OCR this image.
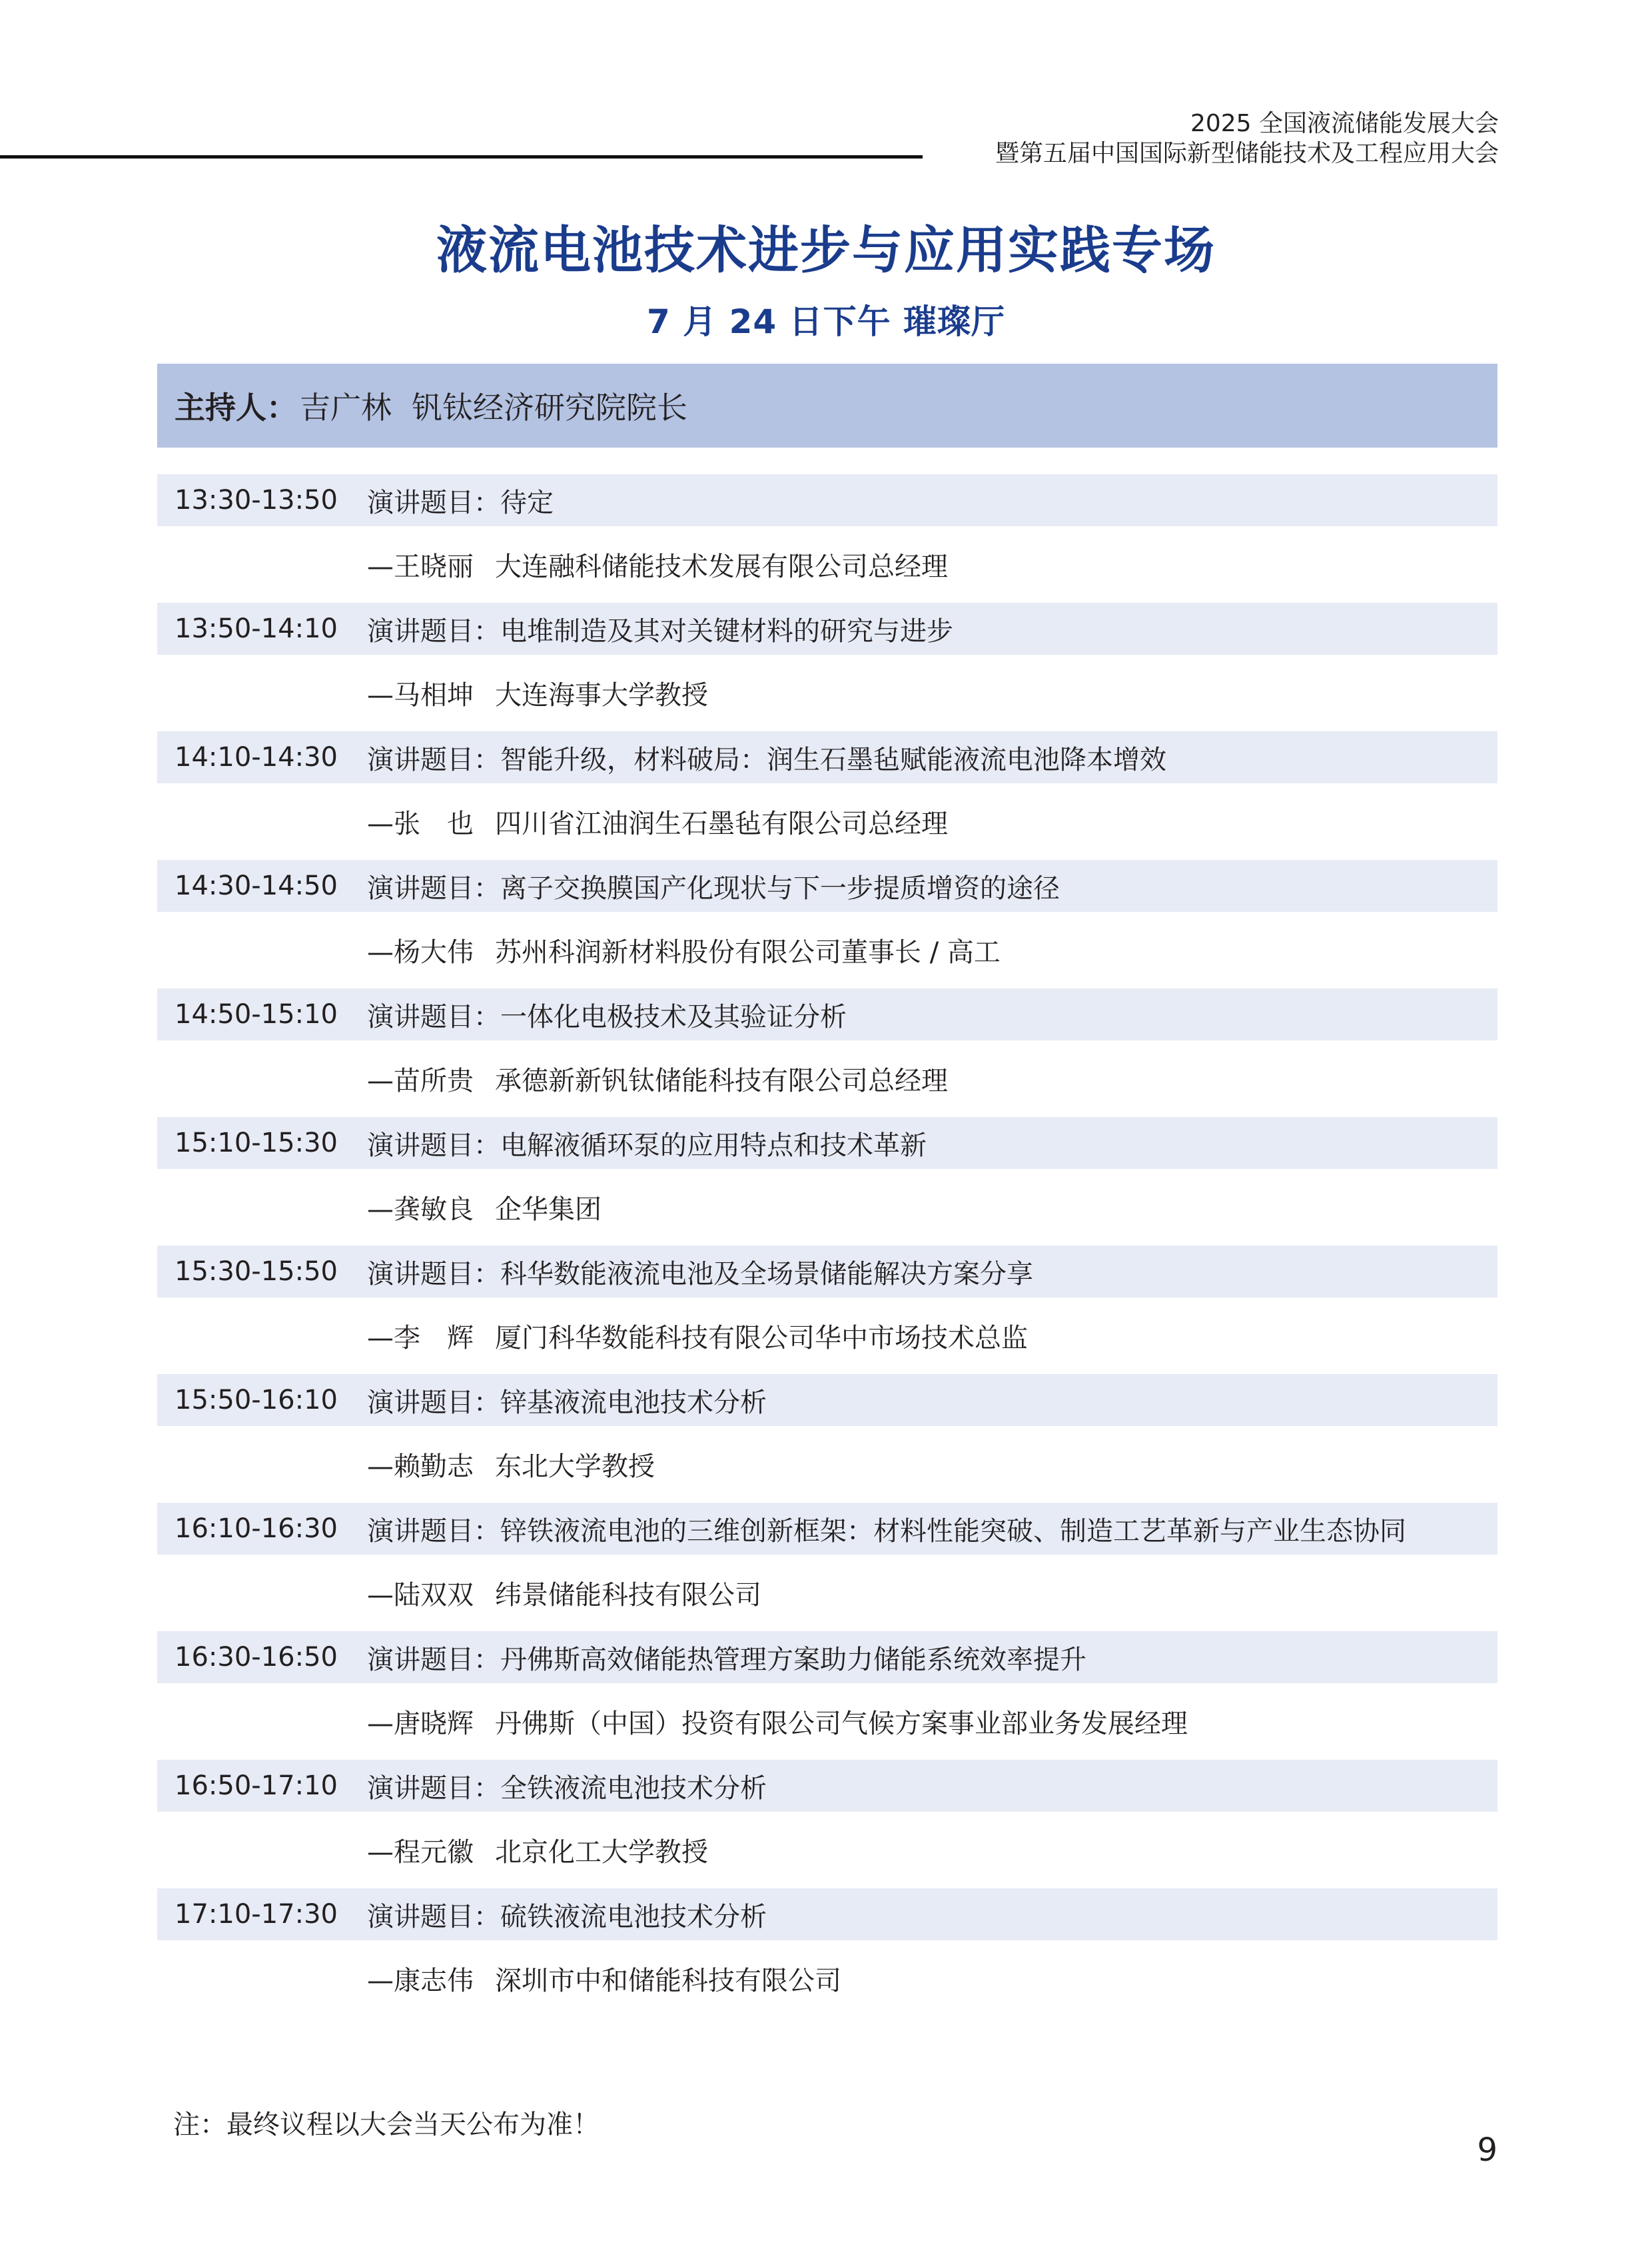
2025 全国液流储能发展大会
暨第五届中国国际新型储能技术及工程应用大会
液流电池技术进步与应用实践专场
7 月 24 日下午 璀璨厅
主持人： 吉广林 钒钛经济研究院院长
13:30-13:50	演讲题目： 待定
—王晓丽 大连融科储能技术发展有限公司总经理
13:50-14:10	演讲题目： 电堆制造及其对关键材料的研究与进步
—马相坤 大连海事大学教授
14:10-14:30	演讲题目： 智能升级，材料破局：润生石墨毡赋能液流电池降本增效
—张　也 四川省江油润生石墨毡有限公司总经理
14:30-14:50	演讲题目： 离子交换膜国产化现状与下一步提质增资的途径
—杨大伟 苏州科润新材料股份有限公司董事长 / 高工
14:50-15:10	演讲题目： 一体化电极技术及其验证分析
—苗所贵 承德新新钒钛储能科技有限公司总经理
15:10-15:30	演讲题目： 电解液循环泵的应用特点和技术革新
—龚敏良 企华集团
15:30-15:50	演讲题目： 科华数能液流电池及全场景储能解决方案分享
—李　辉 厦门科华数能科技有限公司华中市场技术总监
15:50-16:10	演讲题目： 锌基液流电池技术分析
—赖勤志 东北大学教授
16:10-16:30	演讲题目： 锌铁液流电池的三维创新框架：材料性能突破、制造工艺革新与产业生态协同
—陆双双 纬景储能科技有限公司
16:30-16:50	演讲题目： 丹佛斯高效储能热管理方案助力储能系统效率提升
—唐晓辉 丹佛斯（中国）投资有限公司气候方案事业部业务发展经理
16:50-17:10	演讲题目： 全铁液流电池技术分析
—程元徽 北京化工大学教授
17:10-17:30	演讲题目： 硫铁液流电池技术分析
—康志伟 深圳市中和储能科技有限公司
注：最终议程以大会当天公布为准！
9
